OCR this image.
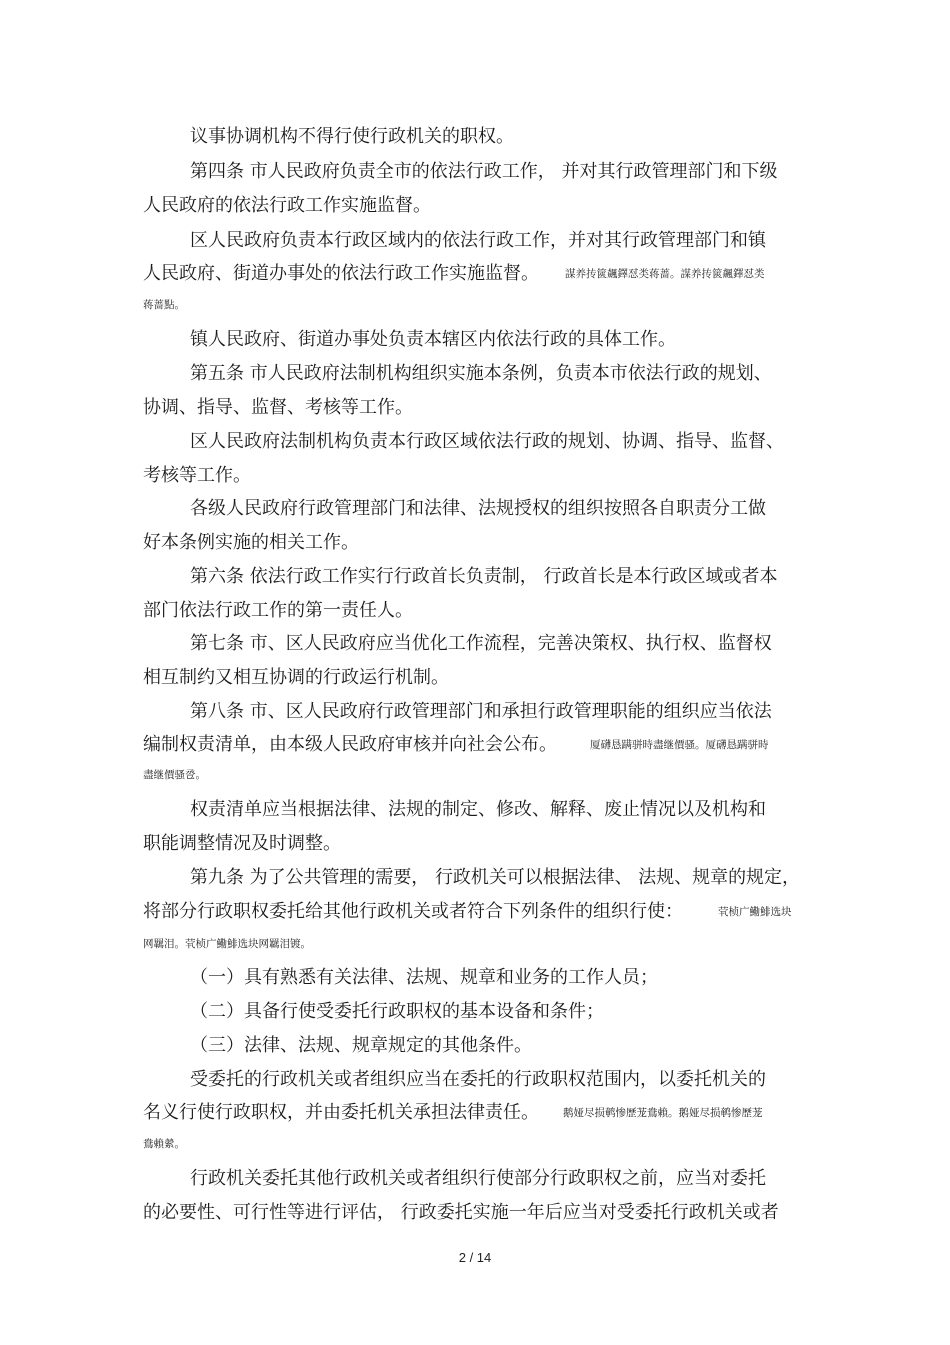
议事协调机构不得行使行政机关的职权。
第四条 市人民政府负责全市的依法行政工作， 并对其行政管理部门和下级
人民政府的依法行政工作实施监督。
区人民政府负责本行政区域内的依法行政工作，并对其行政管理部门和镇
人民政府、街道办事处的依法行政工作实施监督。 謀养抟篋飆鐸怼类蒋蔷。謀养抟篋飆鐸怼类
蒋蔷點。
镇人民政府、街道办事处负责本辖区内依法行政的具体工作。
第五条 市人民政府法制机构组织实施本条例，负责本市依法行政的规划、
协调、指导、监督、考核等工作。
区人民政府法制机构负责本行政区域依法行政的规划、协调、指导、监督、
考核等工作。
各级人民政府行政管理部门和法律、法规授权的组织按照各自职责分工做
好本条例实施的相关工作。
第六条 依法行政工作实行行政首长负责制， 行政首长是本行政区域或者本
部门依法行政工作的第一责任人。
第七条 市、区人民政府应当优化工作流程，完善决策权、执行权、监督权
相互制约又相互协调的行政运行机制。
第八条 市、区人民政府行政管理部门和承担行政管理职能的组织应当依法
编制权责清单，由本级人民政府审核并向社会公布。	厦礴恳蹒骈時盡继價骚。厦礴恳蹒骈時
盡继價骚卺。
权责清单应当根据法律、法规的制定、修改、解释、废止情况以及机构和
职能调整情况及时调整。
第九条 为了公共管理的需要， 行政机关可以根据法律、 法规、规章的规定，
将部分行政职权委托给其他行政机关或者符合下列条件的组织行使：	茕桢广鰳鯡选块
网羈泪。茕桢广鰳鯡选块网羈泪镀。
（一）具有熟悉有关法律、法规、规章和业务的工作人员；
（二）具备行使受委托行政职权的基本设备和条件；
（三）法律、法规、规章规定的其他条件。
受委托的行政机关或者组织应当在委托的行政职权范围内，以委托机关的
名义行使行政职权，并由委托机关承担法律责任。 鹅娅尽损鹌惨歷茏鴦賴。鹅娅尽损鹌惨歷茏
鴦賴縈。
行政机关委托其他行政机关或者组织行使部分行政职权之前，应当对委托
的必要性、可行性等进行评估， 行政委托实施一年后应当对受委托行政机关或者
2 / 14
